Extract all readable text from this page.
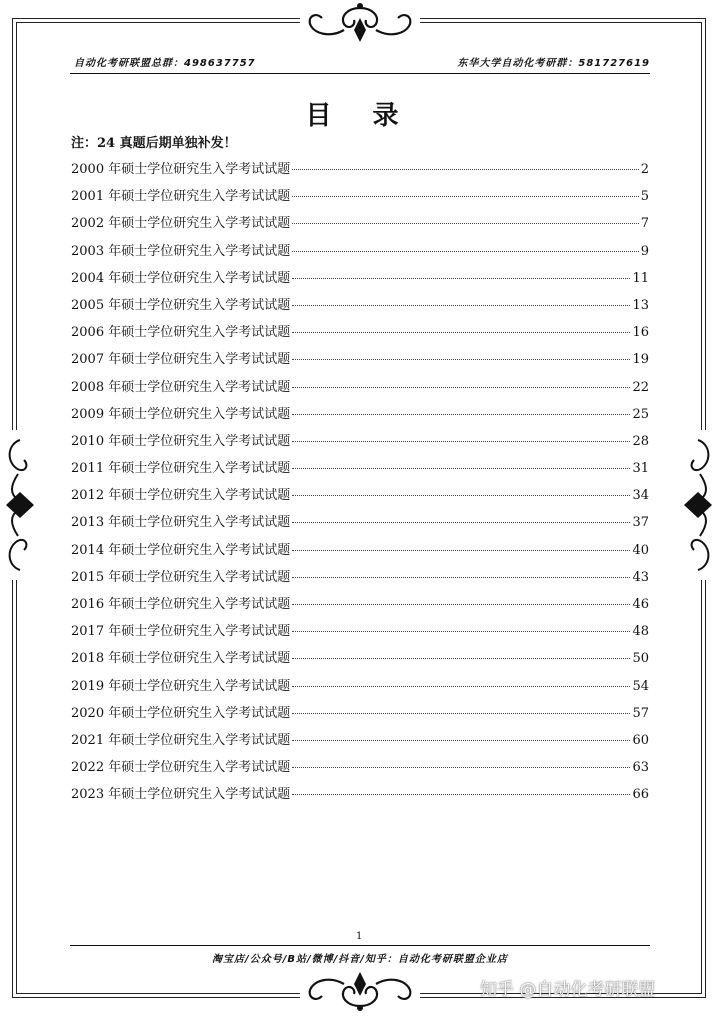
自动化考研联盟总群：498637757	东华大学自动化考研群：581727619
目 录
注：24 真题后期单独补发！
2000 年硕士学位研究生入学考试试题	2
2001 年硕士学位研究生入学考试试题	5
2002 年硕士学位研究生入学考试试题	7
2003 年硕士学位研究生入学考试试题	9
2004 年硕士学位研究生入学考试试题	11
2005 年硕士学位研究生入学考试试题	13
2006 年硕士学位研究生入学考试试题	16
2007 年硕士学位研究生入学考试试题	19
2008 年硕士学位研究生入学考试试题	22
2009 年硕士学位研究生入学考试试题	25
2010 年硕士学位研究生入学考试试题	28
2011 年硕士学位研究生入学考试试题	31
2012 年硕士学位研究生入学考试试题	34
2013 年硕士学位研究生入学考试试题	37
2014 年硕士学位研究生入学考试试题	40
2015 年硕士学位研究生入学考试试题	43
2016 年硕士学位研究生入学考试试题	46
2017 年硕士学位研究生入学考试试题	48
2018 年硕士学位研究生入学考试试题	50
2019 年硕士学位研究生入学考试试题	54
2020 年硕士学位研究生入学考试试题	57
2021 年硕士学位研究生入学考试试题	60
2022 年硕士学位研究生入学考试试题	63
2023 年硕士学位研究生入学考试试题	66
1
淘宝店/公众号/B站/微博/抖音/知乎：自动化考研联盟企业店
知乎 @自动化考研联盟
